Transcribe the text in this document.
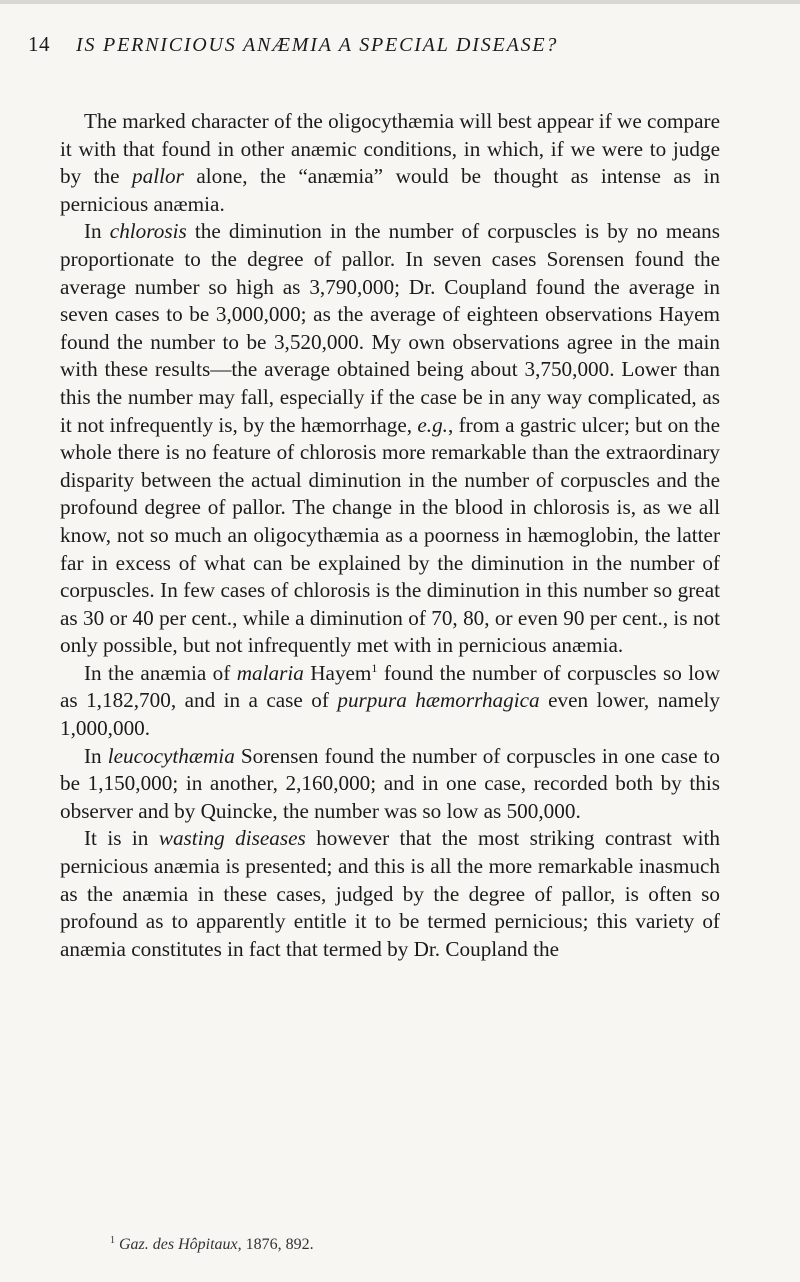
14 IS PERNICIOUS ANÆMIA A SPECIAL DISEASE?

The marked character of the oligocythæmia will best appear if we compare it with that found in other anæmic conditions, in which, if we were to judge by the pallor alone, the “anæmia” would be thought as intense as in pernicious anæmia.

In chlorosis the diminution in the number of corpuscles is by no means proportionate to the degree of pallor. In seven cases Sorensen found the average number so high as 3,790,000; Dr. Coupland found the average in seven cases to be 3,000,000; as the average of eighteen observations Hayem found the number to be 3,520,000. My own observations agree in the main with these results—the average obtained being about 3,750,000. Lower than this the number may fall, especially if the case be in any way complicated, as it not infrequently is, by the hæmorrhage, e.g., from a gastric ulcer; but on the whole there is no feature of chlorosis more remarkable than the extraordinary disparity between the actual diminution in the number of corpuscles and the profound degree of pallor. The change in the blood in chlorosis is, as we all know, not so much an oligocythæmia as a poorness in hæmoglobin, the latter far in excess of what can be explained by the diminution in the number of corpuscles. In few cases of chlorosis is the diminution in this number so great as 30 or 40 per cent., while a diminution of 70, 80, or even 90 per cent., is not only possible, but not infrequently met with in pernicious anæmia.

In the anæmia of malaria Hayem$^1$ found the number of corpuscles so low as 1,182,700, and in a case of purpura hæmorrhagica even lower, namely 1,000,000.

In leucocythæmia Sorensen found the number of corpuscles in one case to be 1,150,000; in another, 2,160,000; and in one case, recorded both by this observer and by Quincke, the number was so low as 500,000.

It is in wasting diseases however that the most striking contrast with pernicious anæmia is presented; and this is all the more remarkable inasmuch as the anæmia in these cases, judged by the degree of pallor, is often so profound as to apparently entitle it to be termed pernicious; this variety of anæmia constitutes in fact that termed by Dr. Coupland the

$^1$ Gaz. des Hôpitaux, 1876, 892.
